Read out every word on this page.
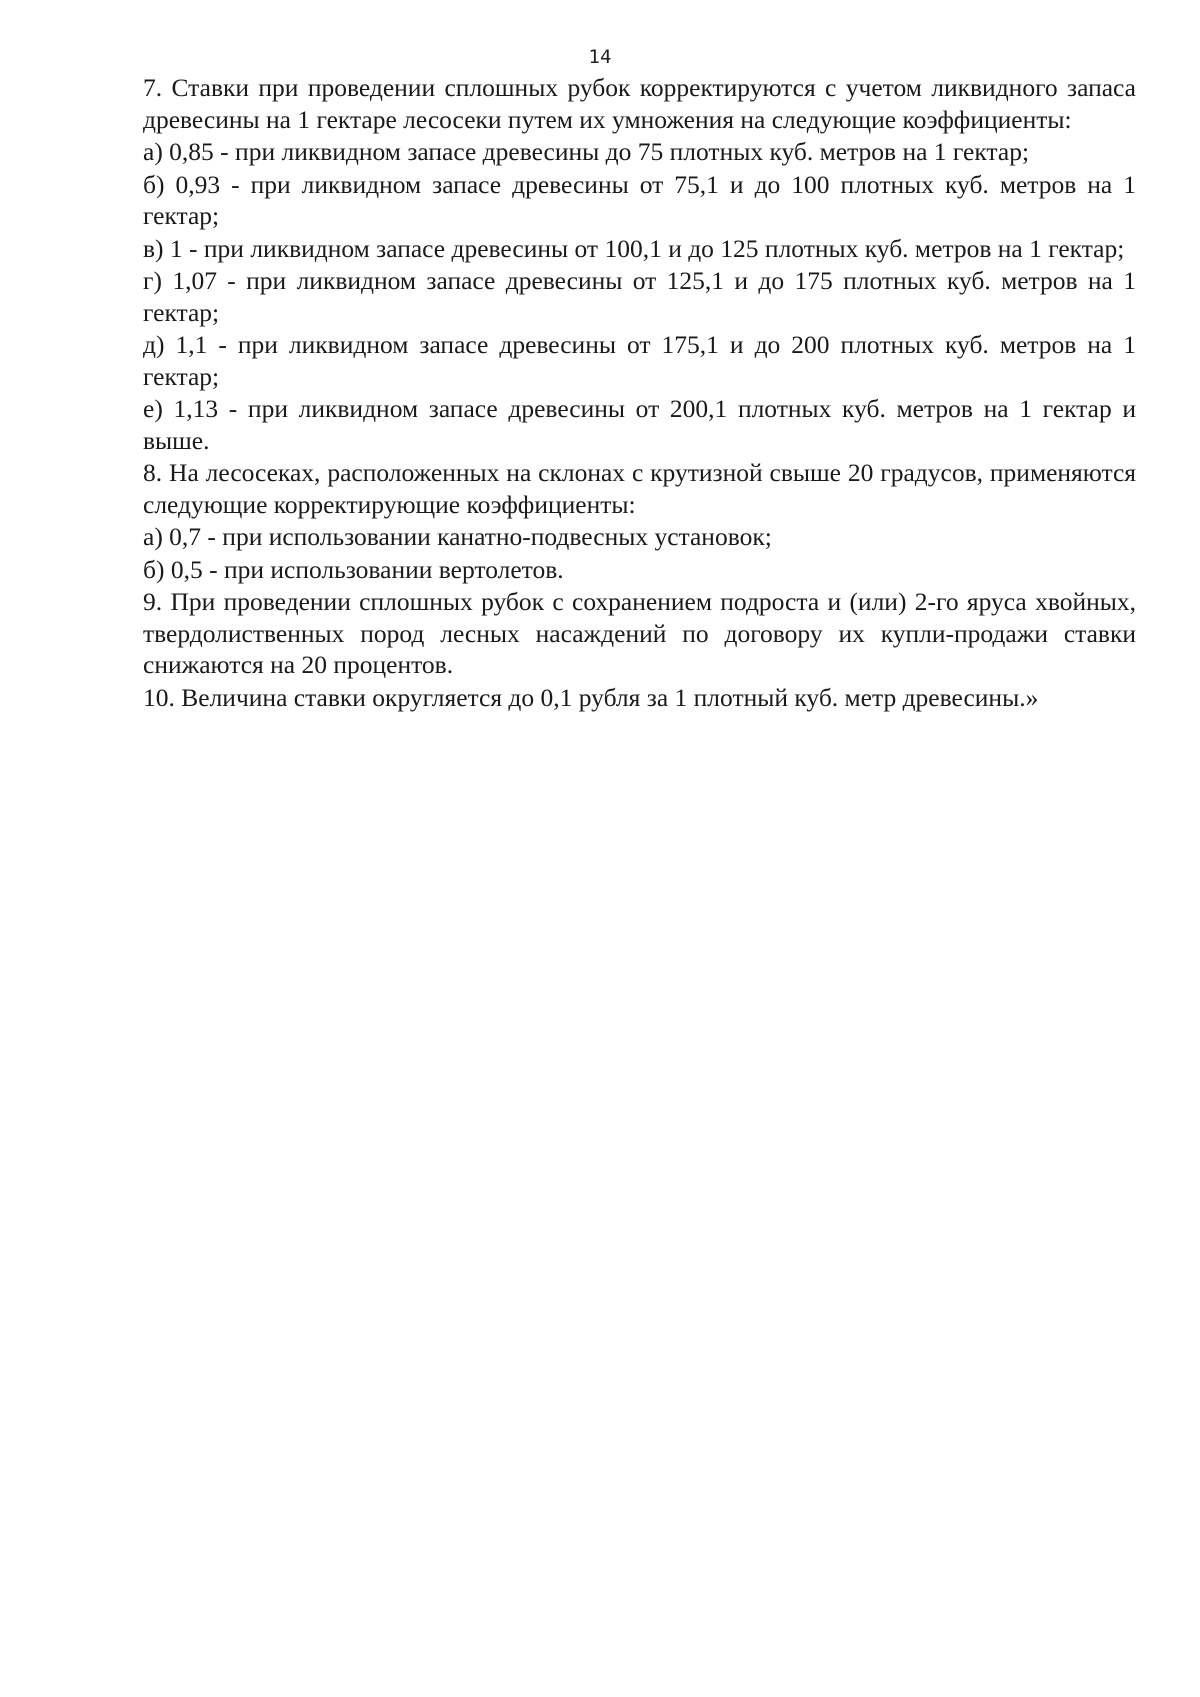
14

7. Ставки при проведении сплошных рубок корректируются с учетом ликвидного запаса древесины на 1 гектаре лесосеки путем их умножения на следующие коэффициенты:

а) 0,85 - при ликвидном запасе древесины до 75 плотных куб. метров на 1 гектар;

б) 0,93 - при ликвидном запасе древесины от 75,1 и до 100 плотных куб. метров на 1 гектар;

в) 1 - при ликвидном запасе древесины от 100,1 и до 125 плотных куб. метров на 1 гектар;

г) 1,07 - при ликвидном запасе древесины от 125,1 и до 175 плотных куб. метров на 1 гектар;

д) 1,1 - при ликвидном запасе древесины от 175,1 и до 200 плотных куб. метров на 1 гектар;

е) 1,13 - при ликвидном запасе древесины от 200,1 плотных куб. метров на 1 гектар и выше.

8. На лесосеках, расположенных на склонах с крутизной свыше 20 градусов, применяются следующие корректирующие коэффициенты:

а) 0,7 - при использовании канатно-подвесных установок;

б) 0,5 - при использовании вертолетов.

9. При проведении сплошных рубок с сохранением подроста и (или) 2-го яруса хвойных, твердолиственных пород лесных насаждений по договору их купли-продажи ставки снижаются на 20 процентов.

10. Величина ставки округляется до 0,1 рубля за 1 плотный куб. метр древесины.»
